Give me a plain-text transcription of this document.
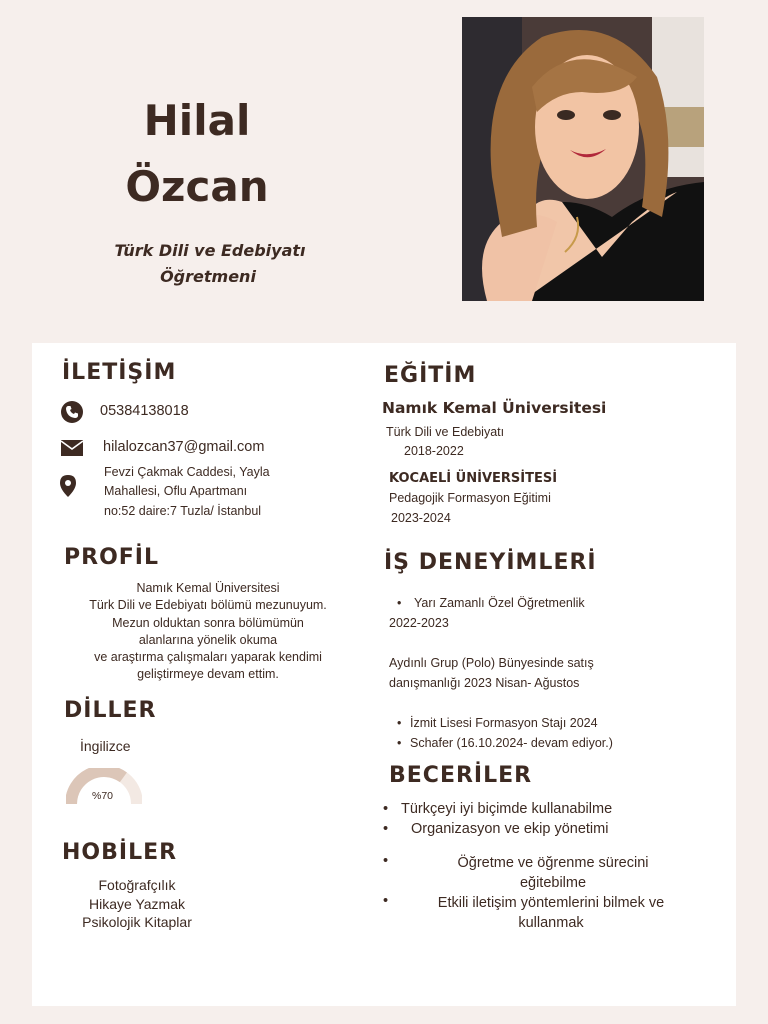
Hilal
Özcan
Türk Dili ve Edebiyatı
Öğretmeni
İLETİŞİM
05384138018
hilalozcan37@gmail.com
Fevzi Çakmak Caddesi, Yayla
Mahallesi, Oflu Apartmanı
no:52 daire:7 Tuzla/ İstanbul
PROFİL
Namık Kemal Üniversitesi
Türk Dili ve Edebiyatı bölümü mezunuyum.
Mezun olduktan sonra bölümümün
alanlarına yönelik okuma
ve araştırma çalışmaları yaparak kendimi
geliştirmeye devam ettim.
DİLLER
İngilizce
%70
HOBİLER
Fotoğrafçılık
Hikaye Yazmak
Psikolojik Kitaplar
EĞİTİM
Namık Kemal Üniversitesi
Türk Dili ve Edebiyatı
2018-2022
KOCAELİ ÜNİVERSİTESİ
Pedagojik Formasyon Eğitimi
2023-2024
İŞ DENEYİMLERİ
• Yarı Zamanlı Özel Öğretmenlik
2022-2023
Aydınlı Grup (Polo) Bünyesinde satış
danışmanlığı 2023 Nisan- Ağustos
• İzmit Lisesi Formasyon Stajı 2024
• Schafer (16.10.2024- devam ediyor.)
BECERİLER
• Türkçeyi iyi biçimde kullanabilme
• Organizasyon ve ekip yönetimi
•	Öğretme ve öğrenme sürecini
eğitebilme
•	Etkili iletişim yöntemlerini bilmek ve
kullanmak
